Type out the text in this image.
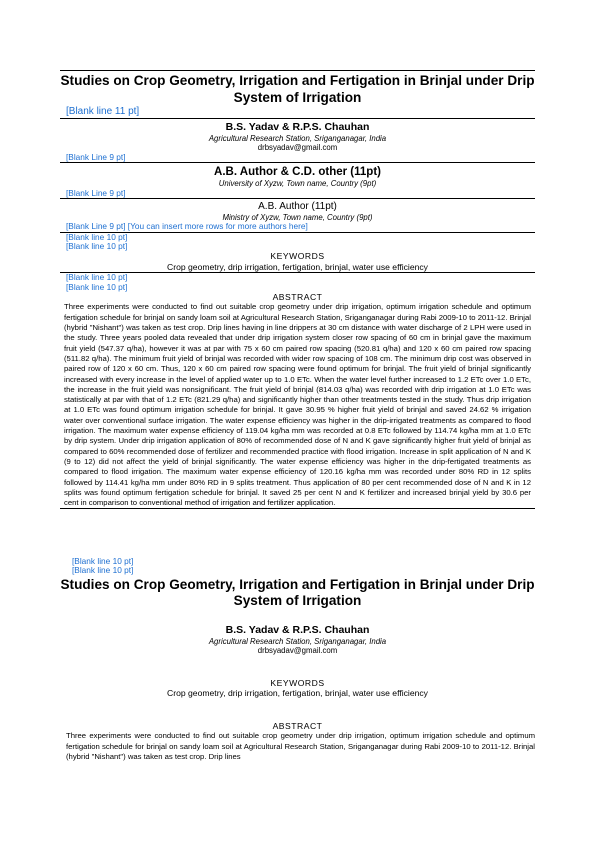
Studies on Crop Geometry, Irrigation and Fertigation in Brinjal under Drip System of Irrigation
[Blank line 11 pt]
B.S. Yadav & R.P.S. Chauhan
Agricultural Research Station, Sriganganagar, India
drbsyadav@gmail.com
[Blank Line 9 pt]
A.B. Author & C.D. other (11pt)
University of Xyzw, Town name, Country (9pt)
[Blank Line 9 pt]
A.B. Author (11pt)
Ministry of Xyzw, Town name, Country (9pt)
[Blank Line 9 pt] [You can insert more rows for more authors here]
[Blank line 10 pt]
[Blank line 10 pt]
KEYWORDS
Crop geometry, drip irrigation, fertigation, brinjal, water use efficiency
[Blank line 10 pt]
[Blank line 10 pt]
ABSTRACT
Three experiments were conducted to find out suitable crop geometry under drip irrigation, optimum irrigation schedule and optimum fertigation schedule for brinjal on sandy loam soil at Agricultural Research Station, Sriganganagar during Rabi 2009-10 to 2011-12. Brinjal (hybrid "Nishant") was taken as test crop. Drip lines having in line drippers at 30 cm distance with water discharge of 2 LPH were used in the study. Three years pooled data revealed that under drip irrigation system closer row spacing of 60 cm in brinjal gave the maximum fruit yield (547.37 q/ha), however it was at par with 75 x 60 cm paired row spacing (520.81 q/ha) and 120 x 60 cm paired row spacing (511.82 q/ha). The minimum fruit yield of brinjal was recorded with wider row spacing of 108 cm. The minimum drip cost was observed in paired row of 120 x 60 cm. Thus, 120 x 60 cm paired row spacing were found optimum for brinjal. The fruit yield of brinjal significantly increased with every increase in the level of applied water up to 1.0 ETc. When the water level further increased to 1.2 ETc over 1.0 ETc, the increase in the fruit yield was nonsignificant. The fruit yield of brinjal (814.03 q/ha) was recorded with drip irrigation at 1.0 ETc was statistically at par with that of 1.2 ETc (821.29 q/ha) and significantly higher than other treatments tested in the study. Thus drip irrigation at 1.0 ETc was found optimum irrigation schedule for brinjal. It gave 30.95 % higher fruit yield of brinjal and saved 24.62 % irrigation water over conventional surface irrigation. The water expense efficiency was higher in the drip-irrigated treatments as compared to flood irrigation. The maximum water expense efficiency of 119.04 kg/ha mm was recorded at 0.8 ETc followed by 114.74 kg/ha mm at 1.0 ETc by drip system. Under drip irrigation application of 80% of recommended dose of N and K gave significantly higher fruit yield of brinjal as compared to 60% recommended dose of fertilizer and recommended practice with flood irrigation. Increase in split application of N and K (9 to 12) did not affect the yield of brinjal significantly. The water expense efficiency was higher in the drip-fertigated treatments as compared to flood irrigation. The maximum water expense efficiency of 120.16 kg/ha mm was recorded under 80% RD in 12 splits followed by 114.41 kg/ha mm under 80% RD in 9 splits treatment. Thus application of 80 per cent recommended dose of N and K in 12 splits was found optimum fertigation schedule for brinjal. It saved 25 per cent N and K fertilizer and increased brinjal yield by 30.6 per cent in comparison to conventional method of irrigation and fertilizer application.
[Blank line 10 pt]
[Blank line 10 pt]
Studies on Crop Geometry, Irrigation and Fertigation in Brinjal under Drip System of Irrigation
B.S. Yadav & R.P.S. Chauhan
Agricultural Research Station, Sriganganagar, India
drbsyadav@gmail.com
KEYWORDS
Crop geometry, drip irrigation, fertigation, brinjal, water use efficiency
ABSTRACT
Three experiments were conducted to find out suitable crop geometry under drip irrigation, optimum irrigation schedule and optimum fertigation schedule for brinjal on sandy loam soil at Agricultural Research Station, Sriganganagar during Rabi 2009-10 to 2011-12. Brinjal (hybrid "Nishant") was taken as test crop. Drip lines
